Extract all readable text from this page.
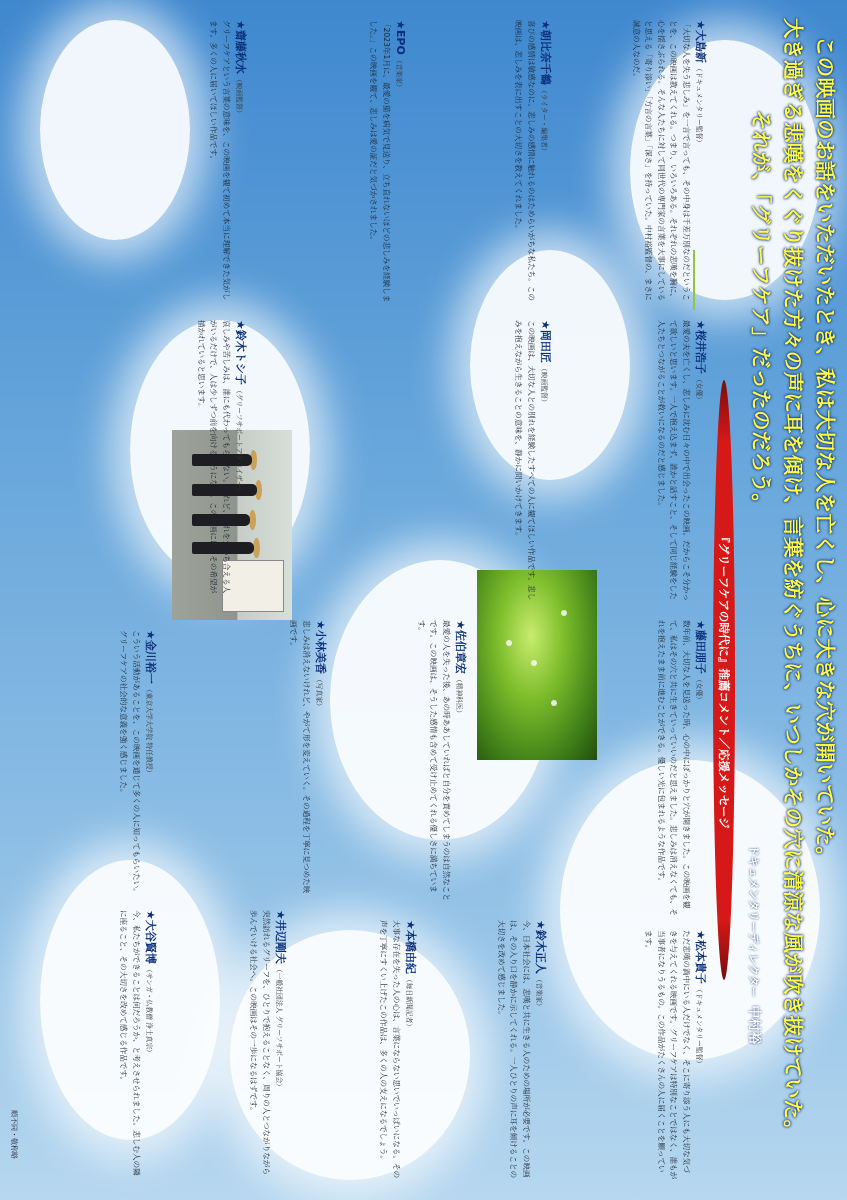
この映画のお話をいただいたとき、私は大切な人を亡くし、心に大きな穴が開いていた。
大き過ぎる悲嘆をくぐり抜けた方々の声に耳を傾け、言葉を紡ぐうちに、いつしかその穴に清涼な風が吹き抜けていた。
それが、「グリーフケア」だったのだろう。
ドキュメンタリーディレクター中村裕
『グリーフケアの時代に』推薦コメント／応援メッセージ
★大島新（ドキュメンタリー監督）
「大切な人を失う悲しみ」を一言で言っても、その中身は千差万別なのだということを、この映画は教えてくれる。つまり、いろいろある。それぞれの悲嘆を胸に、心を揺さぶられる。そんな人たちに対して同世代の専門家の言葉を大事にしていると思える「寄り添い」「方言の言葉」「深さ」を持っていた。中村裕監督の、まさに誠意の人なのだ。
★桜井浩子（女優）
最愛の夫を亡くし、悲しみに沈む日々の中で出会ったこの映画。だからこそ分かって欲しいと思います。一人で抱え込まず、誰かと話すこと、そして同じ経験をした人たちとつながることが救いになるのだと感じました。
★藤田朋子（女優）
数年前、大切な人を見送った時、心の中にぽっかりと穴が開きました。この映画を観て、私はその穴と共に生きていっていいのだと思えました。悲しみは消えなくても、それを抱えたまま前に進むことができる。優しい光に包まれるような作品です。
★松本貴子（ドキュメンタリー監督）
ただ悲嘆の渦中にいる人だけでなく、そこに寄り添う人にも大切な気づきを与えてくれる映画です。グリーフケアは特別なことではなく、誰もが当事者になりうるもの。この作品がたくさんの人に届くことを願っています。
★朝比奈千鶴（ライター・編集者）
喜びの感情は敏感なのに、悲しみの感情に触れるのはためらいがちな私たち。この映画は、悲しみを表に出すことの大切さを教えてくれました。
★岡田匠（映画監督）
この映画は、大切な人との別れを経験したすべての人に観てほしい作品です。悲しみを抱えながら生きることの意味を、静かに問いかけてきます。
★佐伯章宏（精神科医）
最愛の人を失った後、あの時ああしていればと自分を責めてしまうのは自然なことです。この映画は、そうした感情も含めて受け止めてくれる優しさに満ちています。
★鈴木正人（音楽家）
今、日本社会には、悲嘆と共に生きる人のための場所が必要です。この映画は、その入り口を静かに示してくれる。一人ひとりの声に耳を傾けることの大切さを改めて感じました。
★EPO（音楽家）
「2023年1月に、最愛の猫を病気で見送り、立ち直れないほどの悲しみを経験しました。」この映画を観て、悲しみは愛の証だと気づかされました。
★小林美香（写真家）
悲しみは消えないけれど、やがて形を変えていく。その過程を丁寧に見つめた映画です。
★本橋由紀（毎日新聞記者）
大事な存在を失った人の心は、言葉にならない思いでいっぱいになる。その声を丁寧にすくい上げたこの作品は、多くの人の支えになるでしょう。
★齋藤秋水（映画監督）
グリーフケアという言葉の意味を、この映画を観て初めて本当に理解できた気がします。多くの人に届いてほしい作品です。
★金川裕一（東京大学大学院 特任教授）
こういう活動があることを、この映画を通じて多くの人に知ってもらいたい。グリーフケアの社会的な意義を強く感じました。
★大谷賢博（サンガ・仏教僧 浄土真宗）
今、私たちができることは何だろうか、と考えさせられました。悲しむ人の隣に座ること、その大切さを改めて感じる作品です。
★鈴木トシ子（グリーフサポートアドバイザー）
哀しみや苦しみは、誰にも代わってもらえない。けれど、それを分かち合える人がいるだけで、人は少しずつ前を向けるようになる。この映画には、その希望が描かれていると思います。
★井辺剛夫（一般社団法人 グリーフサポート協会）
突然訪れるグリーフを、ひとりで抱えることなく、周りの人とつながりながら歩んでいける社会へ。この映画はその一歩になるはずです。
順不同・敬称略
